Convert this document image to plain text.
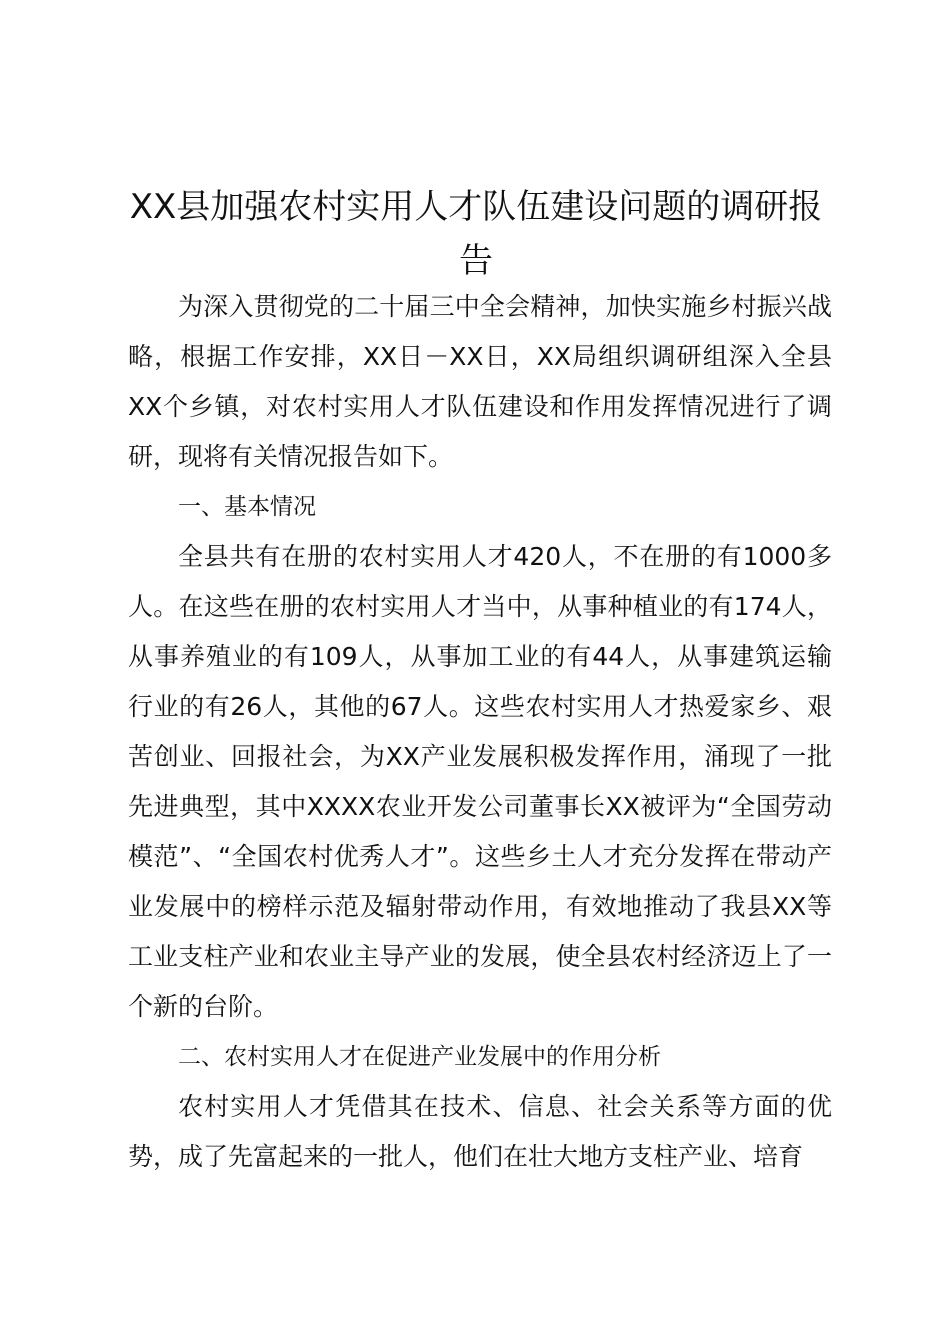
XX县加强农村实用人才队伍建设问题的调研报告

为深入贯彻党的二十届三中全会精神，加快实施乡村振兴战略，根据工作安排，XX日－XX日，XX局组织调研组深入全县XX个乡镇，对农村实用人才队伍建设和作用发挥情况进行了调研，现将有关情况报告如下。

一、基本情况

全县共有在册的农村实用人才420人，不在册的有1000多人。在这些在册的农村实用人才当中，从事种植业的有174人，从事养殖业的有109人，从事加工业的有44人，从事建筑运输行业的有26人，其他的67人。这些农村实用人才热爱家乡、艰苦创业、回报社会，为XX产业发展积极发挥作用，涌现了一批先进典型，其中XXXX农业开发公司董事长XX被评为“全国劳动模范”、“全国农村优秀人才”。这些乡土人才充分发挥在带动产业发展中的榜样示范及辐射带动作用，有效地推动了我县XX等工业支柱产业和农业主导产业的发展，使全县农村经济迈上了一个新的台阶。

二、农村实用人才在促进产业发展中的作用分析

农村实用人才凭借其在技术、信息、社会关系等方面的优势，成了先富起来的一批人，他们在壮大地方支柱产业、培育
